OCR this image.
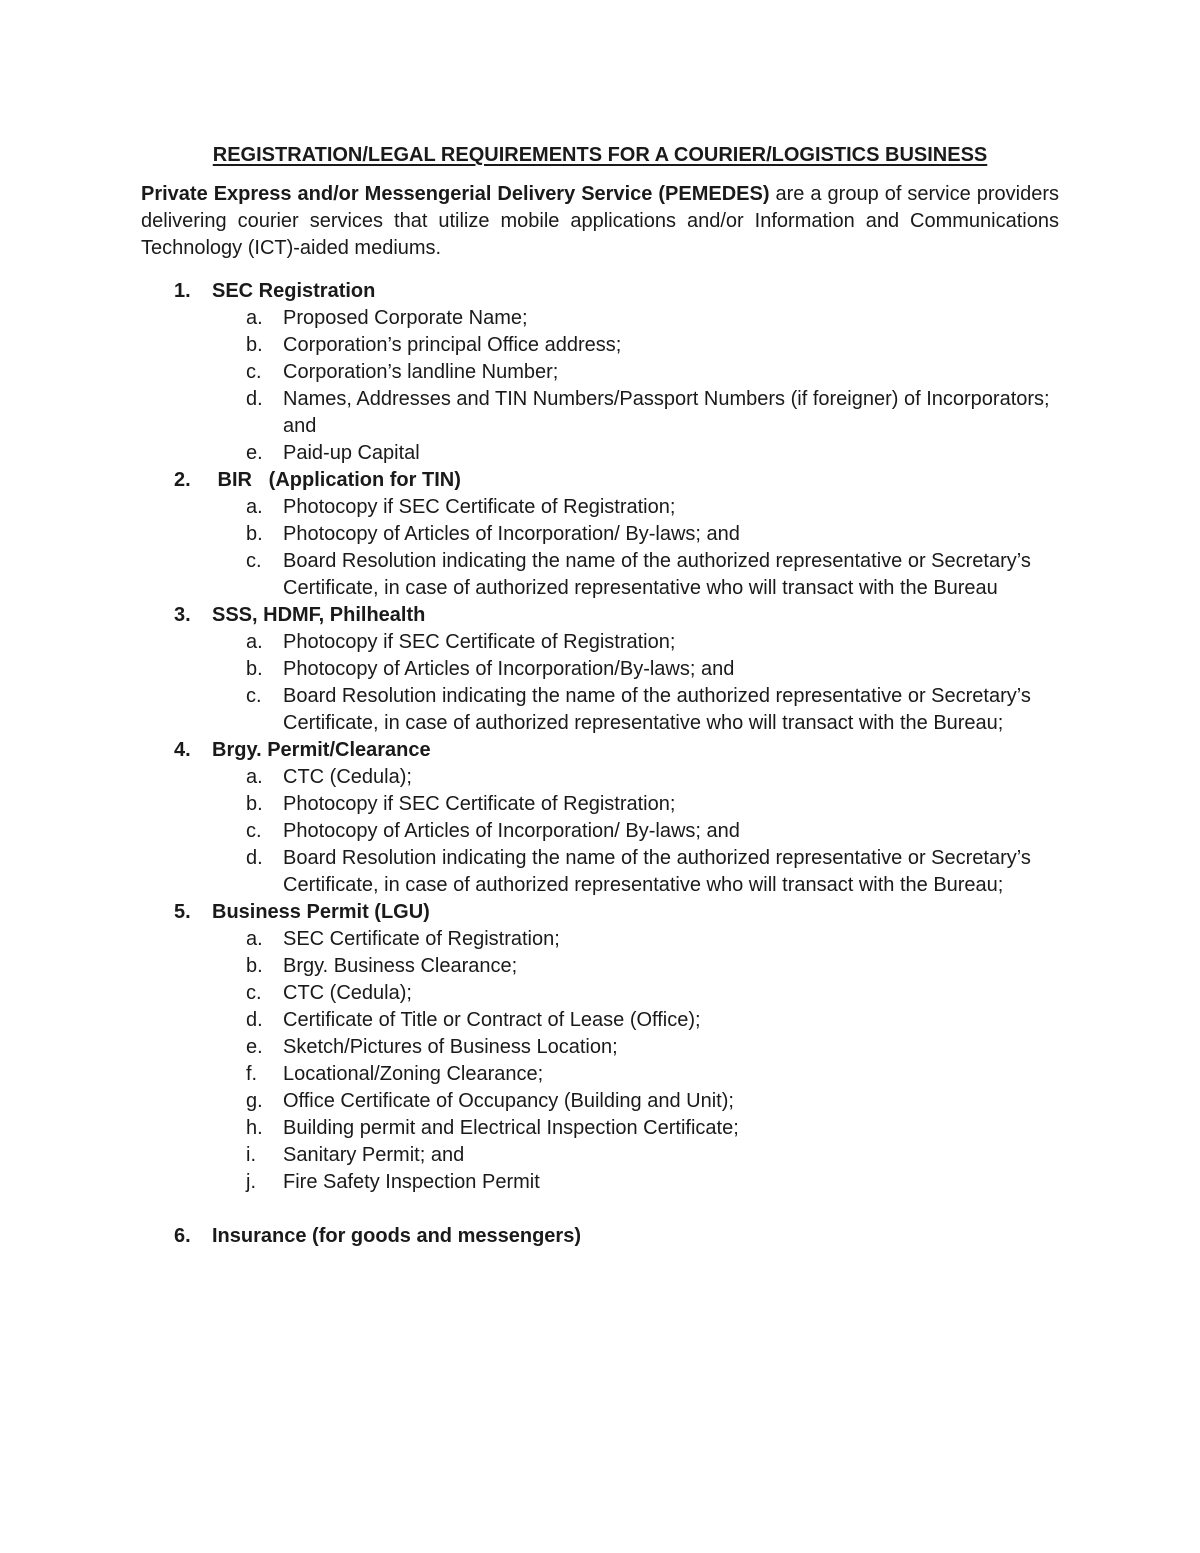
REGISTRATION/LEGAL REQUIREMENTS FOR A COURIER/LOGISTICS BUSINESS
Private Express and/or Messengerial Delivery Service (PEMEDES) are a group of service providers delivering courier services that utilize mobile applications and/or Information and Communications Technology (ICT)-aided mediums.
1. SEC Registration
a. Proposed Corporate Name;
b. Corporation’s principal Office address;
c. Corporation’s landline Number;
d. Names, Addresses and TIN Numbers/Passport Numbers (if foreigner) of Incorporators; and
e. Paid-up Capital
2. BIR   (Application for TIN)
a. Photocopy if SEC Certificate of Registration;
b. Photocopy of Articles of Incorporation/ By-laws; and
c. Board Resolution indicating the name of the authorized representative or Secretary’s Certificate, in case of authorized representative who will transact with the Bureau
3. SSS, HDMF, Philhealth
a. Photocopy if SEC Certificate of Registration;
b. Photocopy of Articles of Incorporation/By-laws; and
c. Board Resolution indicating the name of the authorized representative or Secretary’s Certificate, in case of authorized representative who will transact with the Bureau;
4. Brgy. Permit/Clearance
a. CTC (Cedula);
b. Photocopy if SEC Certificate of Registration;
c. Photocopy of Articles of Incorporation/ By-laws; and
d. Board Resolution indicating the name of the authorized representative or Secretary’s Certificate, in case of authorized representative who will transact with the Bureau;
5. Business Permit (LGU)
a. SEC Certificate of Registration;
b. Brgy. Business Clearance;
c. CTC (Cedula);
d. Certificate of Title or Contract of Lease (Office);
e. Sketch/Pictures of Business Location;
f. Locational/Zoning Clearance;
g. Office Certificate of Occupancy (Building and Unit);
h. Building permit and Electrical Inspection Certificate;
i. Sanitary Permit; and
j. Fire Safety Inspection Permit
6. Insurance (for goods and messengers)
